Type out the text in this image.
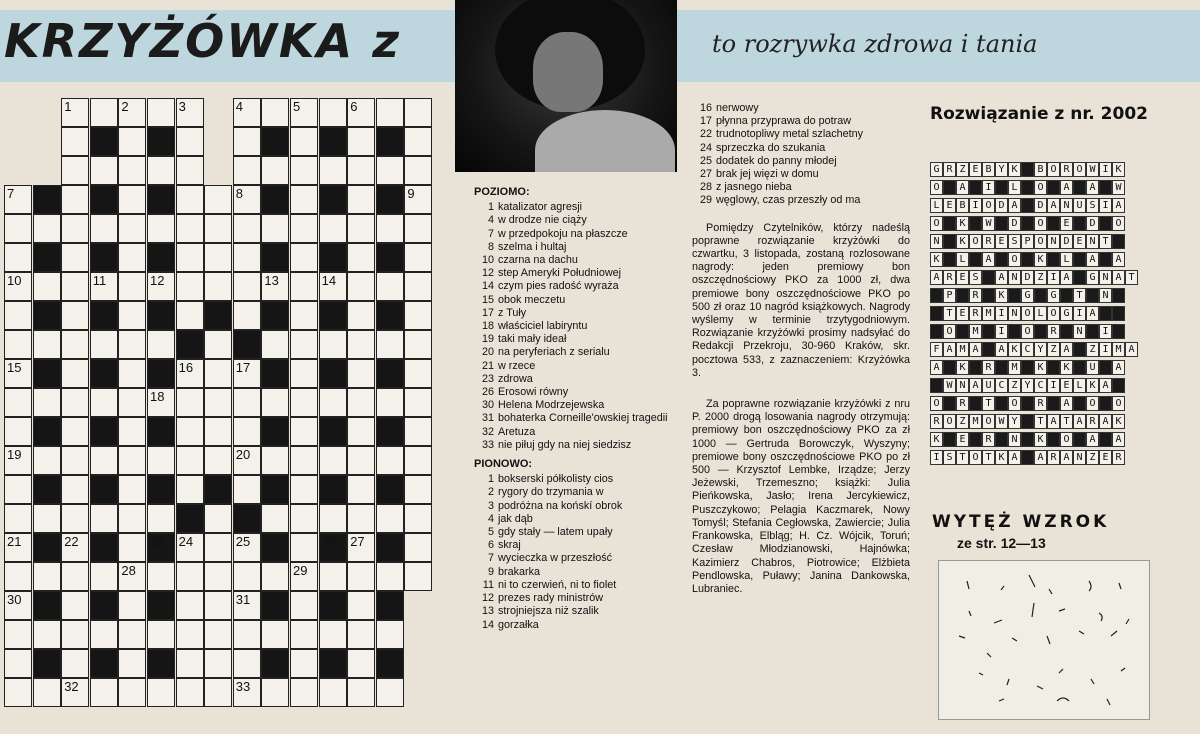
KRZYŻÓWKA z	to rozrywka zdrowa i tania
1	2	3	4	5	6
7	8	9
10	11	12	13	14
15	16	17
18
19	20
21	22	23 24	25	26 27
28	29
30	31
32	33
POZIOMO:
1 katalizator agresji
4 w drodze nie ciąży
7 w przedpokoju na płaszcze
8 szelma i hultaj
10 czarna na dachu
12 step Ameryki Południowej
14 czym pies radość wyraża
15 obok meczetu
17 z Tuły
18 właściciel labiryntu
19 taki mały ideał
20 na peryferiach z serialu
21 w rzece
23 zdrowa
26 Erosowi równy
30 Helena Modrzejewska
31 bohaterka Corneille'owskiej tragedii
32 Aretuza
33 nie piłuj gdy na niej siedzisz
PIONOWO:
1 bokserski półkolisty cios
2 rygory do trzymania w
3 podróżna na końskí obrok
4 jak dąb
5 gdy stały — latem upały
6 skraj
7 wycieczka w przeszłość
9 brakarka
11 ni to czerwień, ni to fiolet
12 prezes rady ministrów
13 strojniejsza niż szalik
14 gorzałka
16 nerwowy
17 płynna przyprawa do potraw
22 trudnotopliwy metal szlachetny
24 sprzeczka do szukania
25 dodatek do panny młodej
27 brak jej więzi w domu
28 z jasnego nieba
29 węglowy, czas przeszły od ma
Pomiędzy Czytelników, którzy nadeślą poprawne rozwiązanie krzyżówki do czwartku, 3 listopada, zostaną rozlosowane nagrody: jeden premiowy bon oszczędnościowy PKO za 1000 zł, dwa premiowe bony oszczędnościowe PKO po 500 zł oraz 10 nagród książkowych. Nagrody wyślemy w terminie trzytygodniowym. Rozwiązanie krzyżówki prosimy nadsyłać do Redakcji Przekroju, 30-960 Kraków, skr. pocztowa 533, z zaznaczeniem: Krzyżówka 3.
Za poprawne rozwiązanie krzyżówki z nru P. 2000 drogą losowania nagrody otrzymują: premiowy bon oszczędnościowy PKO za zł 1000 — Gertruda Borowczyk, Wyszyny; premiowe bony oszczędnościowe PKO po zł 500 — Krzysztof Lembke, Irządze; Jerzy Jeżewski, Trzemeszno; książki: Julia Pieńkowska, Jasło; Irena Jercykiewicz, Puszczykowo; Pelagia Kaczmarek, Nowy Tomyśl; Stefania Cegłowska, Zawiercie; Julia Frankowska, Elbląg; H. Cz. Wójcik, Toruń; Czesław Młodzianowski, Hajnówka; Kazimierz Chabros, Piotrowice; Elżbieta Pendlowska, Puławy; Janina Dankowska, Lubraniec.
Rozwiązanie z nr. 2002
G R Z E B Y K	B O R O W I K
O	A	I	L	O	A	A	W
L E B I O D A	D A N U S I A
O	K	W	D	O	E	D	O
N	K O R E S P O N D E N T
K	L	A	O	K	L	A	A
A R E S	A N D Z I A	G N A T
P	R	K	G	G	T	N
T E R M I N O L O G I A
O	M	I	O	R	N	I
F A M A	A K C Y Z A	Z I M A
A	K	R	M	K	K	U	A
W N A U C Z Y C I E L K A
O	R	T	O	R	A	O	O
R O Z M O W Y	T A T A R A K
K	E	R	N	K	O	A	A
I S T O T K A	A R A N Z E R
WYTĘŻ WZROK
ze str. 12—13
